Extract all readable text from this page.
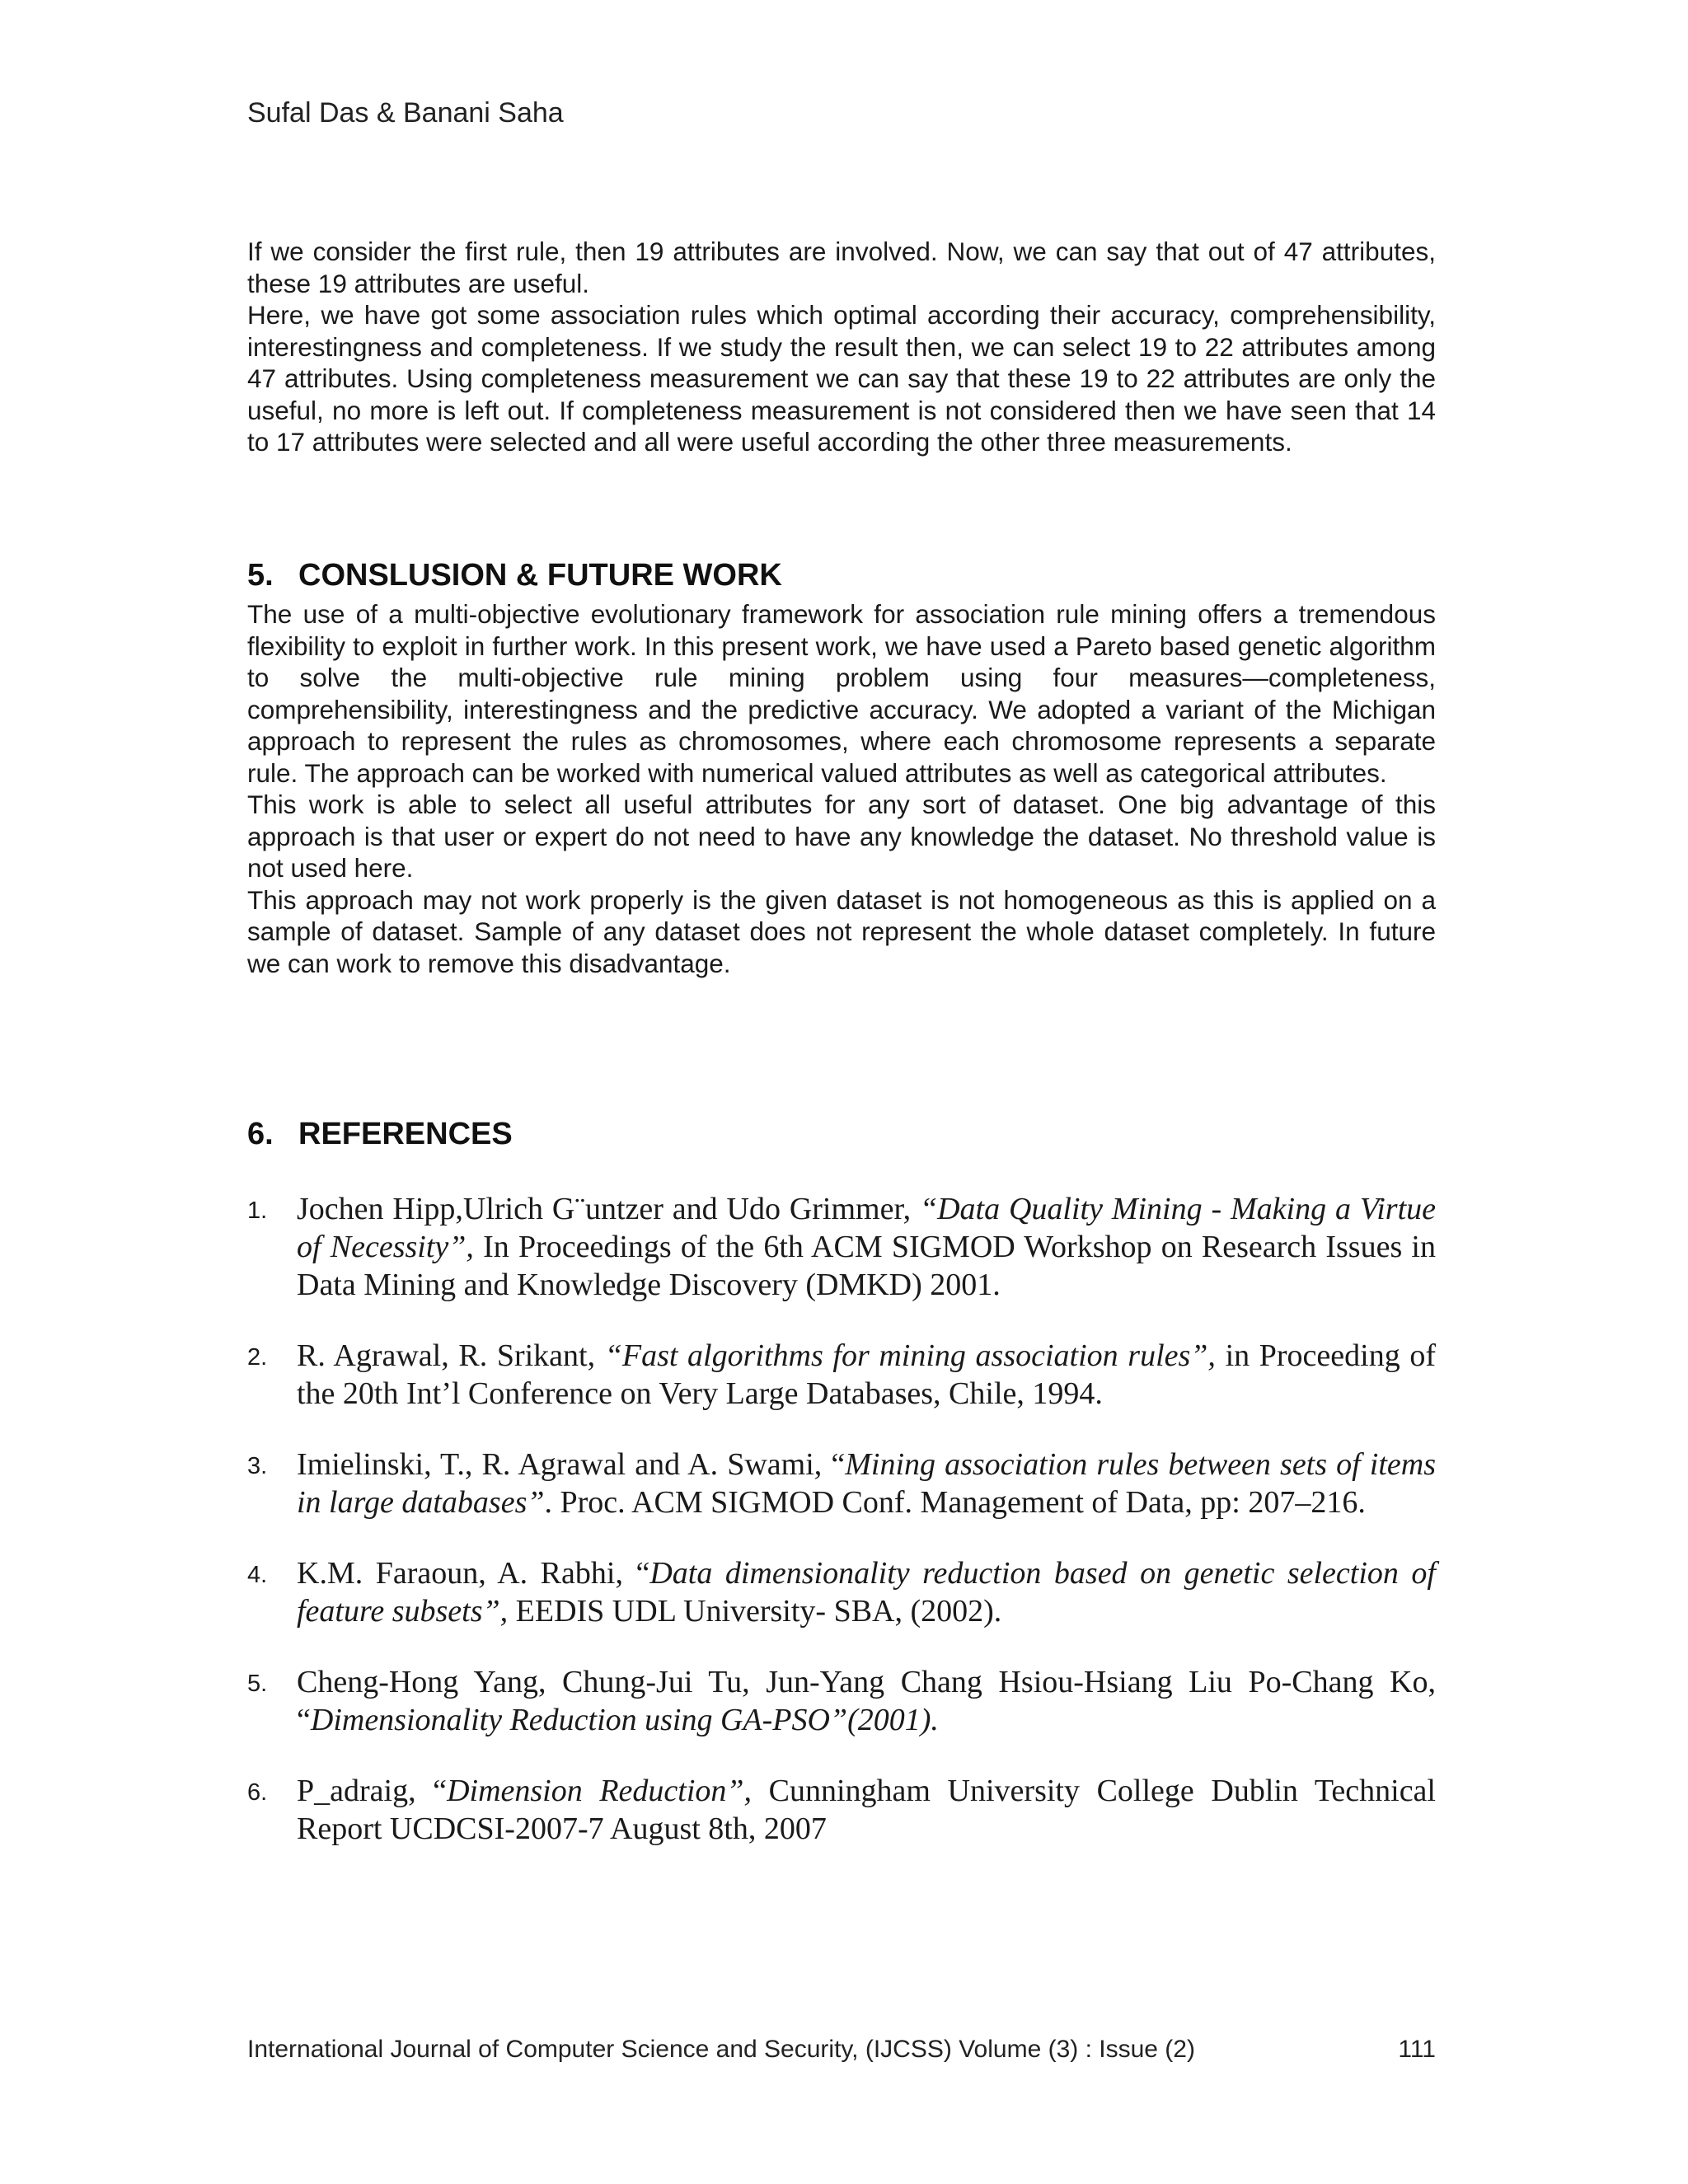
Sufal Das & Banani Saha

If we consider the first rule, then 19 attributes are involved. Now, we can say that out of 47 attributes, these 19 attributes are useful.

Here, we have got some association rules which optimal according their accuracy, comprehensibility, interestingness and completeness. If we study the result then, we can select 19 to 22 attributes among 47 attributes. Using completeness measurement we can say that these 19 to 22 attributes are only the useful, no more is left out. If completeness measurement is not considered then we have seen that 14 to 17 attributes were selected and all were useful according the other three measurements.

5. CONSLUSION & FUTURE WORK

The use of a multi-objective evolutionary framework for association rule mining offers a tremendous flexibility to exploit in further work. In this present work, we have used a Pareto based genetic algorithm to solve the multi-objective rule mining problem using four measures—completeness, comprehensibility, interestingness and the predictive accuracy. We adopted a variant of the Michigan approach to represent the rules as chromosomes, where each chromosome represents a separate rule. The approach can be worked with numerical valued attributes as well as categorical attributes.

This work is able to select all useful attributes for any sort of dataset. One big advantage of this approach is that user or expert do not need to have any knowledge the dataset. No threshold value is not used here.

This approach may not work properly is the given dataset is not homogeneous as this is applied on a sample of dataset. Sample of any dataset does not represent the whole dataset completely. In future we can work to remove this disadvantage.

6. REFERENCES
1. Jochen Hipp,Ulrich G¨untzer and Udo Grimmer, “Data Quality Mining - Making a Virtue of Necessity”, In Proceedings of the 6th ACM SIGMOD Workshop on Research Issues in Data Mining and Knowledge Discovery (DMKD) 2001.
2. R. Agrawal, R. Srikant, “Fast algorithms for mining association rules”, in Proceeding of the 20th Int’l Conference on Very Large Databases, Chile, 1994.
3. Imielinski, T., R. Agrawal and A. Swami, “Mining association rules between sets of items in large databases”. Proc. ACM SIGMOD Conf. Management of Data, pp: 207–216.
4. K.M. Faraoun, A. Rabhi, “Data dimensionality reduction based on genetic selection of feature subsets”, EEDIS UDL University- SBA, (2002).
5. Cheng-Hong Yang, Chung-Jui Tu, Jun-Yang Chang Hsiou-Hsiang Liu Po-Chang Ko, “Dimensionality Reduction using GA-PSO”(2001).
6. P_adraig, “Dimension Reduction”, Cunningham University College Dublin Technical Report UCDCSI-2007-7 August 8th, 2007
International Journal of Computer Science and Security, (IJCSS) Volume (3) : Issue (2)	111
